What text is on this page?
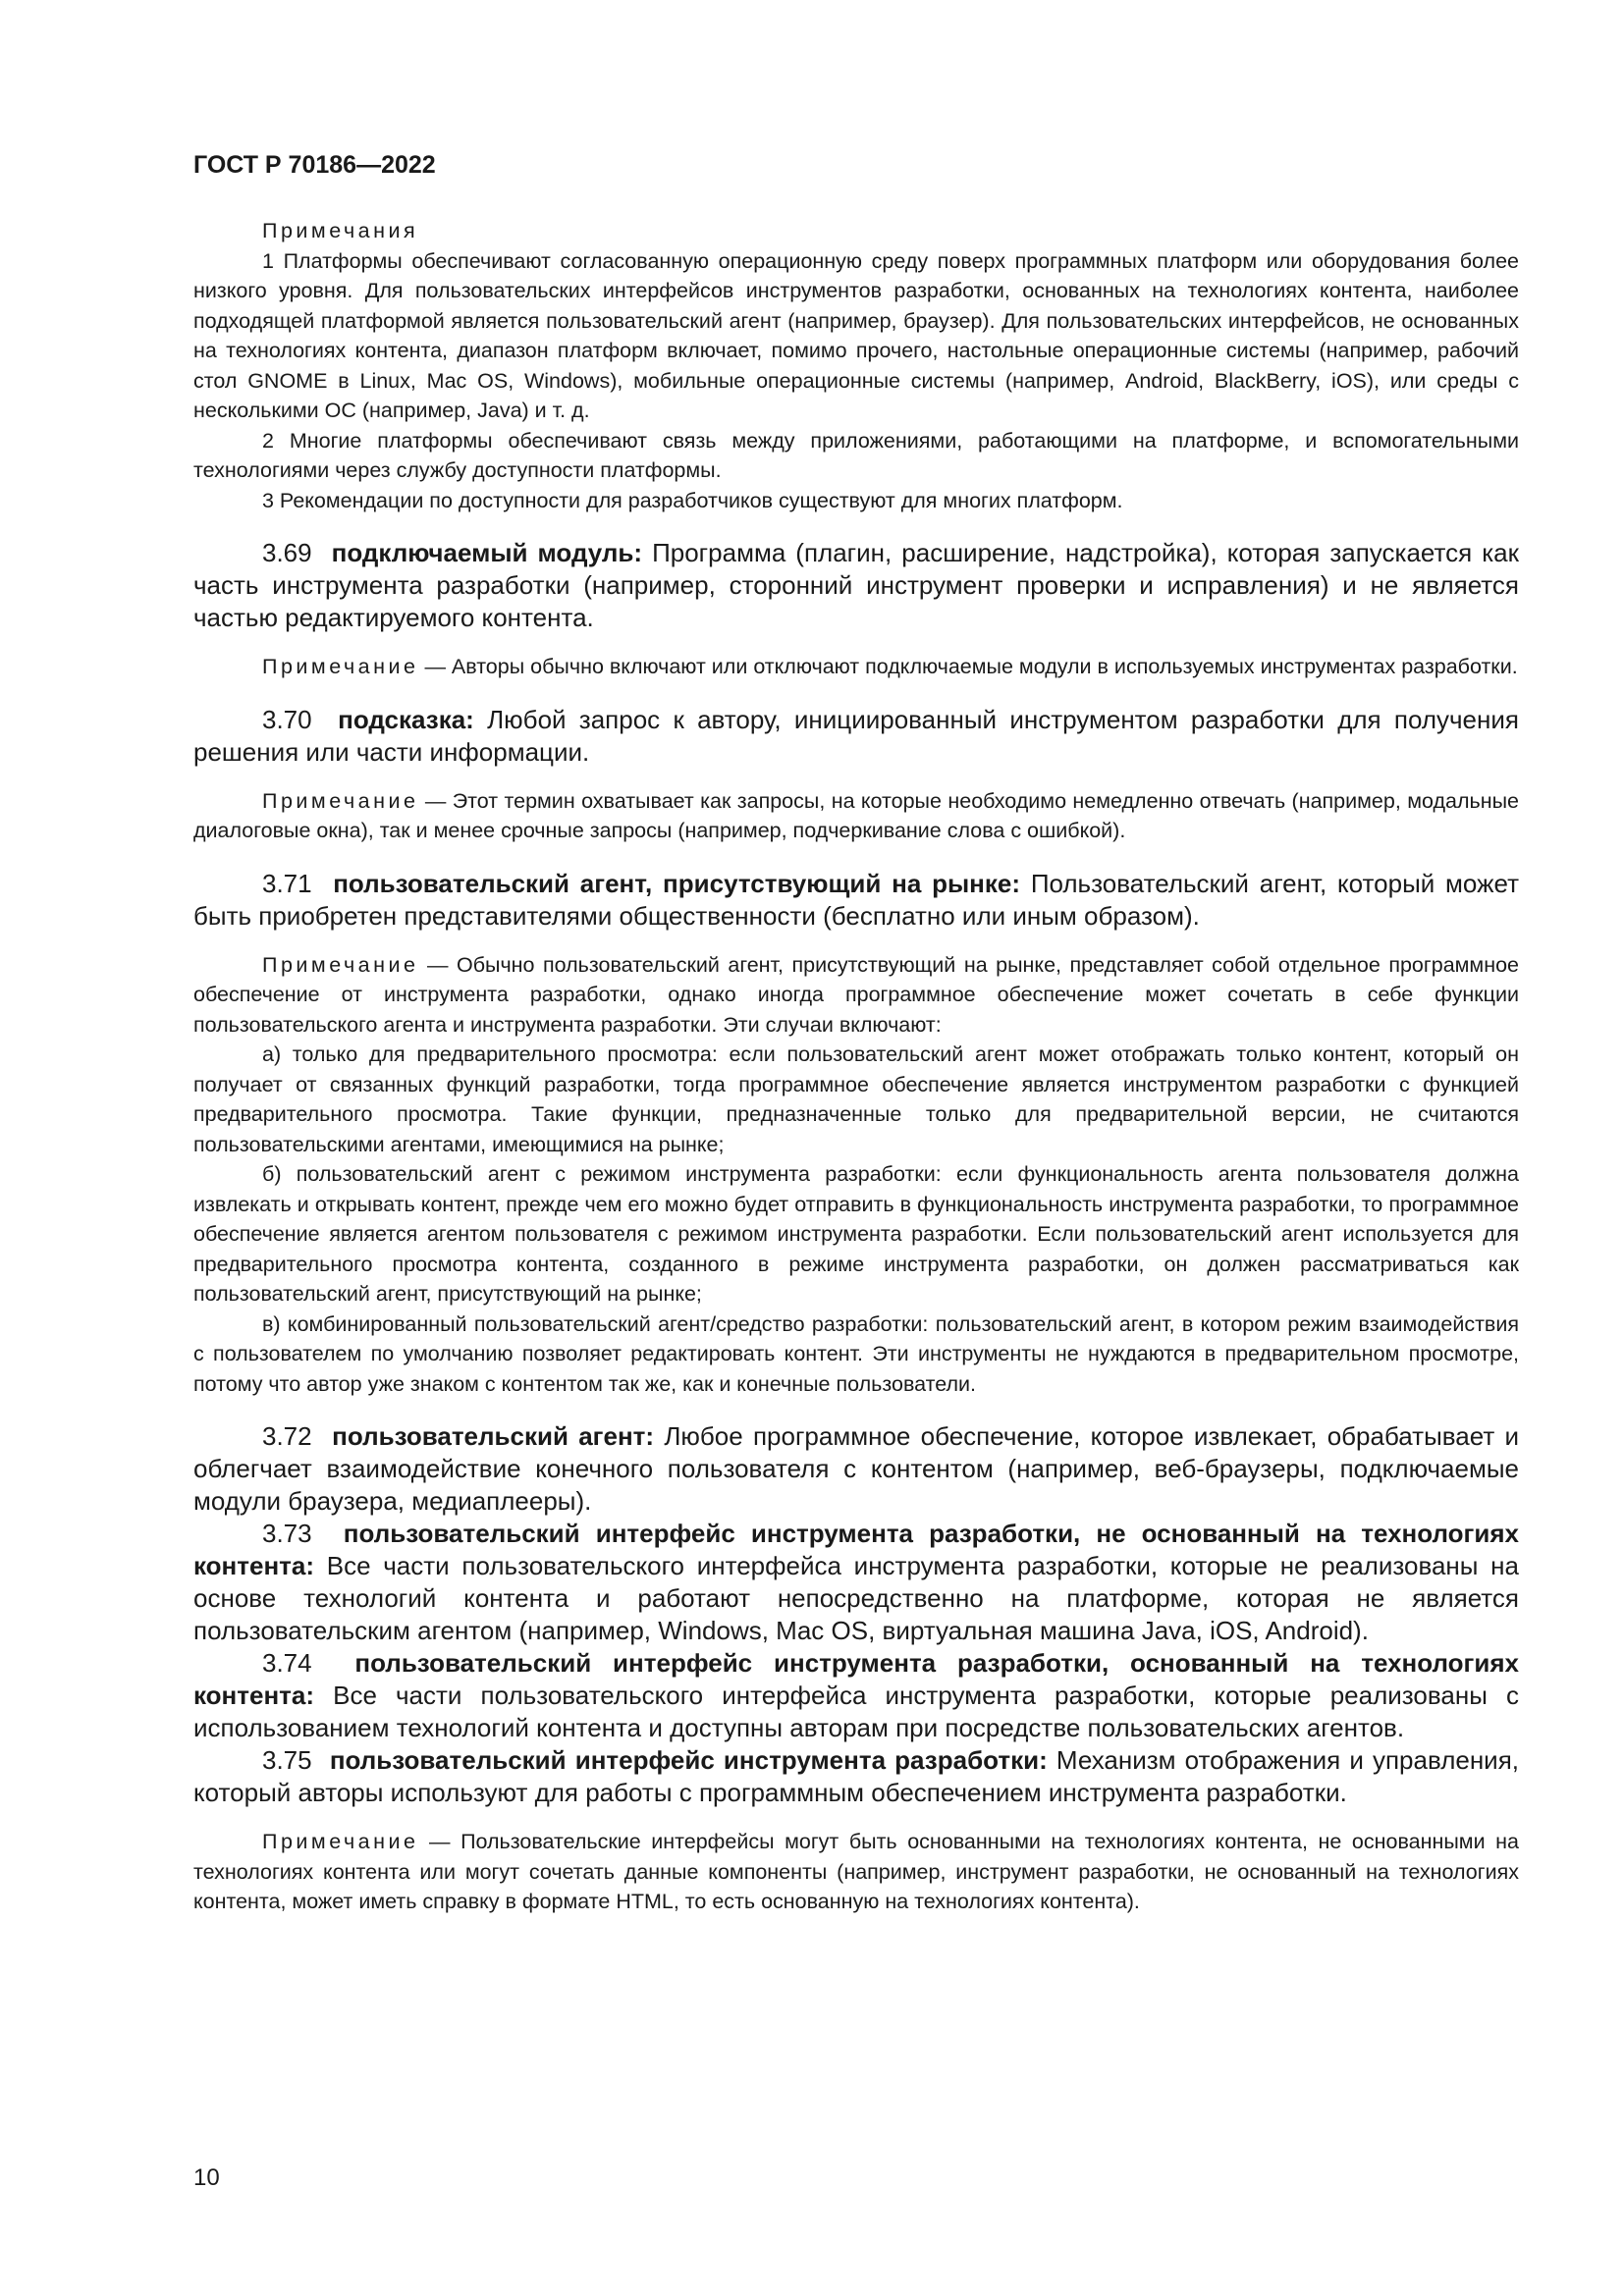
ГОСТ Р 70186—2022

Примечания

1 Платформы обеспечивают согласованную операционную среду поверх программных платформ или оборудования более низкого уровня. Для пользовательских интерфейсов инструментов разработки, основанных на технологиях контента, наиболее подходящей платформой является пользовательский агент (например, браузер). Для пользовательских интерфейсов, не основанных на технологиях контента, диапазон платформ включает, помимо прочего, настольные операционные системы (например, рабочий стол GNOME в Linux, Mac OS, Windows), мобильные операционные системы (например, Android, BlackBerry, iOS), или среды с несколькими ОС (например, Java) и т. д.

2 Многие платформы обеспечивают связь между приложениями, работающими на платформе, и вспомогательными технологиями через службу доступности платформы.

3 Рекомендации по доступности для разработчиков существуют для многих платформ.

3.69 подключаемый модуль: Программа (плагин, расширение, надстройка), которая запускается как часть инструмента разработки (например, сторонний инструмент проверки и исправления) и не является частью редактируемого контента.

Примечание — Авторы обычно включают или отключают подключаемые модули в используемых инструментах разработки.

3.70 подсказка: Любой запрос к автору, инициированный инструментом разработки для получения решения или части информации.

Примечание — Этот термин охватывает как запросы, на которые необходимо немедленно отвечать (например, модальные диалоговые окна), так и менее срочные запросы (например, подчеркивание слова с ошибкой).

3.71 пользовательский агент, присутствующий на рынке: Пользовательский агент, который может быть приобретен представителями общественности (бесплатно или иным образом).

Примечание — Обычно пользовательский агент, присутствующий на рынке, представляет собой отдельное программное обеспечение от инструмента разработки, однако иногда программное обеспечение может сочетать в себе функции пользовательского агента и инструмента разработки. Эти случаи включают:

а) только для предварительного просмотра: если пользовательский агент может отображать только контент, который он получает от связанных функций разработки, тогда программное обеспечение является инструментом разработки с функцией предварительного просмотра. Такие функции, предназначенные только для предварительной версии, не считаются пользовательскими агентами, имеющимися на рынке;

б) пользовательский агент с режимом инструмента разработки: если функциональность агента пользователя должна извлекать и открывать контент, прежде чем его можно будет отправить в функциональность инструмента разработки, то программное обеспечение является агентом пользователя с режимом инструмента разработки. Если пользовательский агент используется для предварительного просмотра контента, созданного в режиме инструмента разработки, он должен рассматриваться как пользовательский агент, присутствующий на рынке;

в) комбинированный пользовательский агент/средство разработки: пользовательский агент, в котором режим взаимодействия с пользователем по умолчанию позволяет редактировать контент. Эти инструменты не нуждаются в предварительном просмотре, потому что автор уже знаком с контентом так же, как и конечные пользователи.

3.72 пользовательский агент: Любое программное обеспечение, которое извлекает, обрабатывает и облегчает взаимодействие конечного пользователя с контентом (например, веб-браузеры, подключаемые модули браузера, медиаплееры).

3.73 пользовательский интерфейс инструмента разработки, не основанный на технологиях контента: Все части пользовательского интерфейса инструмента разработки, которые не реализованы на основе технологий контента и работают непосредственно на платформе, которая не является пользовательским агентом (например, Windows, Mac OS, виртуальная машина Java, iOS, Android).

3.74 пользовательский интерфейс инструмента разработки, основанный на технологиях контента: Все части пользовательского интерфейса инструмента разработки, которые реализованы с использованием технологий контента и доступны авторам при посредстве пользовательских агентов.

3.75 пользовательский интерфейс инструмента разработки: Механизм отображения и управления, который авторы используют для работы с программным обеспечением инструмента разработки.

Примечание — Пользовательские интерфейсы могут быть основанными на технологиях контента, не основанными на технологиях контента или могут сочетать данные компоненты (например, инструмент разработки, не основанный на технологиях контента, может иметь справку в формате HTML, то есть основанную на технологиях контента).

10
